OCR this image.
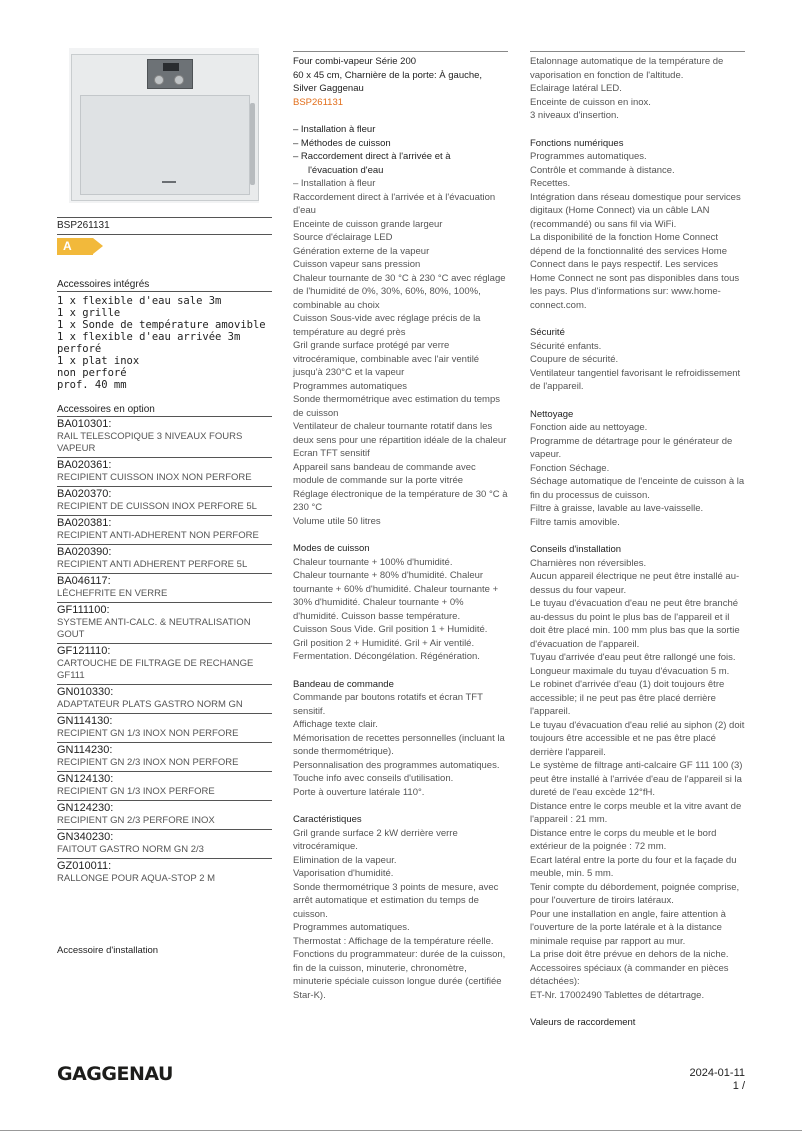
BSP261131
A
Accessoires intégrés
1 x flexible d'eau sale 3m
1 x grille
1 x Sonde de température amovible
1 x flexible d'eau arrivée 3m
perforé
1 x plat inox
non perforé
prof. 40 mm
Accessoires en option
BA010301:
RAIL TELESCOPIQUE 3 NIVEAUX FOURS VAPEUR
BA020361:
RECIPIENT CUISSON INOX NON PERFORE
BA020370:
RECIPIENT DE CUISSON INOX PERFORE 5L
BA020381:
RECIPIENT ANTI-ADHERENT NON PERFORE
BA020390:
RECIPIENT ANTI ADHERENT PERFORE 5L
BA046117:
LÈCHEFRITE EN VERRE
GF111100:
SYSTEME ANTI-CALC. & NEUTRALISATION GOUT
GF121110:
CARTOUCHE DE FILTRAGE DE RECHANGE GF111
GN010330:
ADAPTATEUR PLATS GASTRO NORM GN
GN114130:
RECIPIENT GN 1/3 INOX NON PERFORE
GN114230:
RECIPIENT GN 2/3 INOX NON PERFORE
GN124130:
RECIPIENT GN 1/3 INOX PERFORE
GN124230:
RECIPIENT GN 2/3 PERFORE INOX
GN340230:
FAITOUT GASTRO NORM GN 2/3
GZ010011:
RALLONGE POUR AQUA-STOP 2 M
Accessoire d'installation
Four combi-vapeur Série 200
60 x 45 cm, Charnière de la porte: À gauche,
Silver Gaggenau
BSP261131
– Installation à fleur
– Méthodes de cuisson
– Raccordement direct à l'arrivée et à
l'évacuation d'eau
– Installation à fleur
Raccordement direct à l'arrivée et à l'évacuation d'eau
Enceinte de cuisson grande largeur
Source d'éclairage LED
Génération externe de la vapeur
Cuisson vapeur sans pression
Chaleur tournante de 30 °C à 230 °C avec réglage de l'humidité de 0%, 30%, 60%, 80%, 100%, combinable au choix
Cuisson Sous-vide avec réglage précis de la température au degré près
Gril grande surface protégé par verre vitrocéramique, combinable avec l'air ventilé jusqu'à 230°C et la vapeur
Programmes automatiques
Sonde thermométrique avec estimation du temps de cuisson
Ventilateur de chaleur tournante rotatif dans les deux sens pour une répartition idéale de la chaleur
Ecran TFT sensitif
Appareil sans bandeau de commande avec module de commande sur la porte vitrée
Réglage électronique de la température de 30 °C à 230 °C
Volume utile 50 litres
Modes de cuisson
Chaleur tournante + 100% d'humidité.
Chaleur tournante + 80% d'humidité. Chaleur tournante + 60% d'humidité. Chaleur tournante + 30% d'humidité. Chaleur tournante + 0% d'humidité. Cuisson basse température.
Cuisson Sous Vide. Gril position 1 + Humidité.
Gril position 2 + Humidité. Gril + Air ventilé.
Fermentation. Décongélation. Régénération.
Bandeau de commande
Commande par boutons rotatifs et écran TFT sensitif.
Affichage texte clair.
Mémorisation de recettes personnelles (incluant la sonde thermométrique).
Personnalisation des programmes automatiques.
Touche info avec conseils d'utilisation.
Porte à ouverture latérale 110°.
Caractéristiques
Gril grande surface 2 kW derrière verre vitrocéramique.
Elimination de la vapeur.
Vaporisation d'humidité.
Sonde thermométrique 3 points de mesure, avec arrêt automatique et estimation du temps de cuisson.
Programmes automatiques.
Thermostat : Affichage de la température réelle.
Fonctions du programmateur: durée de la cuisson, fin de la cuisson, minuterie, chronomètre, minuterie spéciale cuisson longue durée (certifiée Star-K).
Etalonnage automatique de la température de vaporisation en fonction de l'altitude.
Eclairage latéral LED.
Enceinte de cuisson en inox.
3 niveaux d'insertion.
Fonctions numériques
Programmes automatiques.
Contrôle et commande à distance.
Recettes.
Intégration dans réseau domestique pour services digitaux (Home Connect) via un câble LAN (recommandé) ou sans fil via WiFi.
La disponibilité de la fonction Home Connect dépend de la fonctionnalité des services Home Connect dans le pays respectif. Les services Home Connect ne sont pas disponibles dans tous les pays. Plus d'informations sur: www.home-connect.com.
Sécurité
Sécurité enfants.
Coupure de sécurité.
Ventilateur tangentiel favorisant le refroidissement de l'appareil.
Nettoyage
Fonction aide au nettoyage.
Programme de détartrage pour le générateur de vapeur.
Fonction Séchage.
Séchage automatique de l'enceinte de cuisson à la fin du processus de cuisson.
Filtre à graisse, lavable au lave-vaisselle.
Filtre tamis amovible.
Conseils d'installation
Charnières non réversibles.
Aucun appareil électrique ne peut être installé au-dessus du four vapeur.
Le tuyau d'évacuation d'eau ne peut être branché au-dessus du point le plus bas de l'appareil et il doit être placé min. 100 mm plus bas que la sortie d'évacuation de l'appareil.
Tuyau d'arrivée d'eau peut être rallongé une fois.
Longueur maximale du tuyau d'évacuation 5 m.
Le robinet d'arrivée d'eau (1) doit toujours être accessible; il ne peut pas être placé derrière l'appareil.
Le tuyau d'évacuation d'eau relié au siphon (2) doit toujours être accessible et ne pas être placé derrière l'appareil.
Le système de filtrage anti-calcaire GF 111 100 (3) peut être installé à l'arrivée d'eau de l'appareil si la dureté de l'eau excède 12°fH.
Distance entre le corps meuble et la vitre avant de l'appareil : 21 mm.
Distance entre le corps du meuble et le bord extérieur de la poignée : 72 mm.
Ecart latéral entre la porte du four et la façade du meuble, min. 5 mm.
Tenir compte du débordement, poignée comprise, pour l'ouverture de tiroirs latéraux.
Pour une installation en angle, faire attention à l'ouverture de la porte latérale et à la distance minimale requise par rapport au mur.
La prise doit être prévue en dehors de la niche.
Accessoires spéciaux (à commander en pièces détachées):
ET-Nr. 17002490 Tablettes de détartrage.
Valeurs de raccordement
GAGGENAU	2024-01-11
1 /
